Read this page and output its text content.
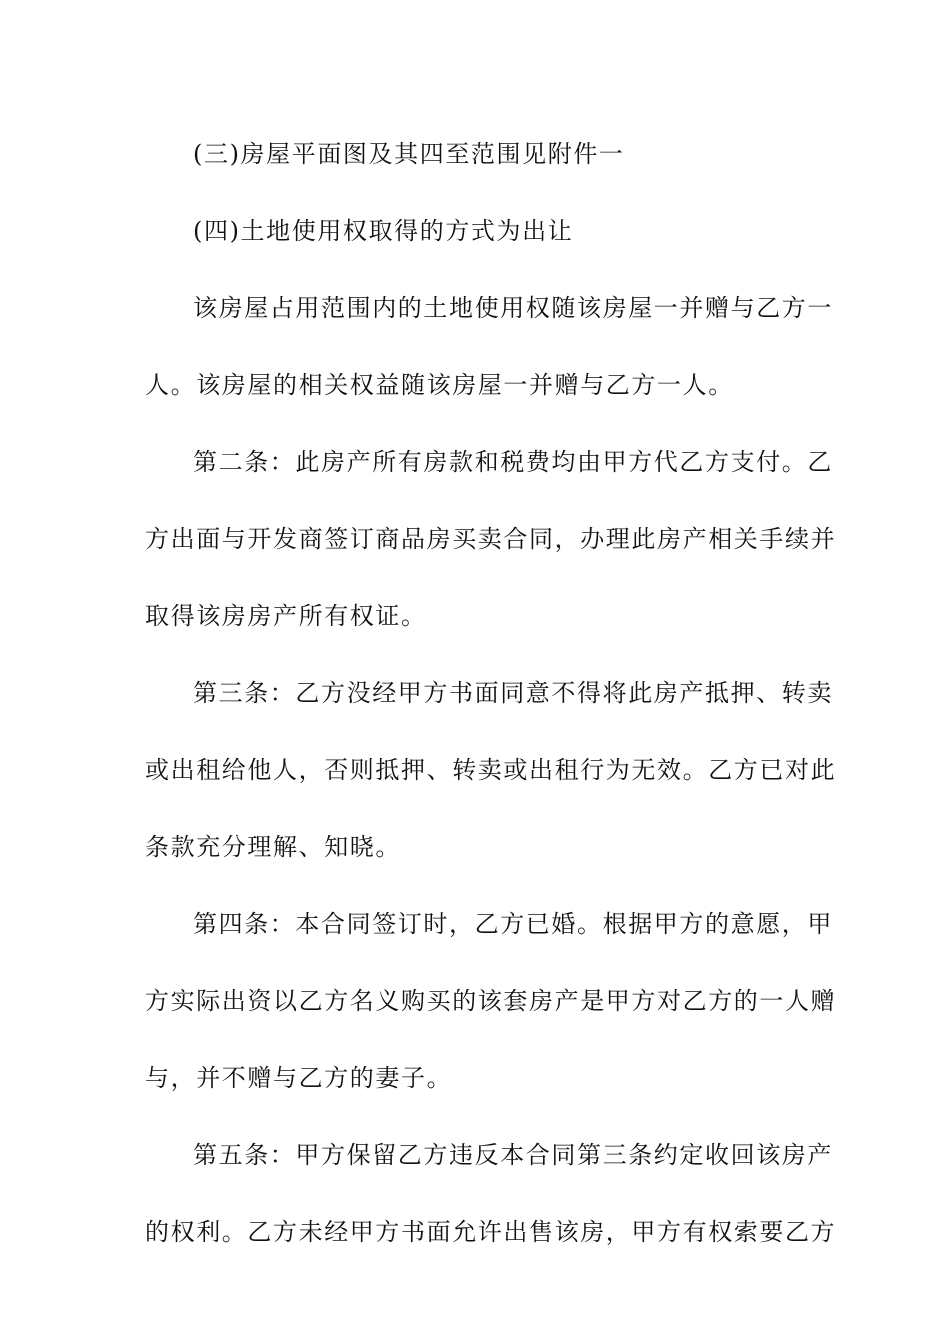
(三)房屋平面图及其四至范围见附件一
(四)土地使用权取得的方式为出让
该房屋占用范围内的土地使用权随该房屋一并赠与乙方一
人。该房屋的相关权益随该房屋一并赠与乙方一人。
第二条：此房产所有房款和税费均由甲方代乙方支付。乙
方出面与开发商签订商品房买卖合同，办理此房产相关手续并
取得该房房产所有权证。
第三条：乙方没经甲方书面同意不得将此房产抵押、转卖
或出租给他人，否则抵押、转卖或出租行为无效。乙方已对此
条款充分理解、知晓。
第四条：本合同签订时，乙方已婚。根据甲方的意愿，甲
方实际出资以乙方名义购买的该套房产是甲方对乙方的一人赠
与，并不赠与乙方的妻子。
第五条：甲方保留乙方违反本合同第三条约定收回该房产
的权利。乙方未经甲方书面允许出售该房，甲方有权索要乙方
